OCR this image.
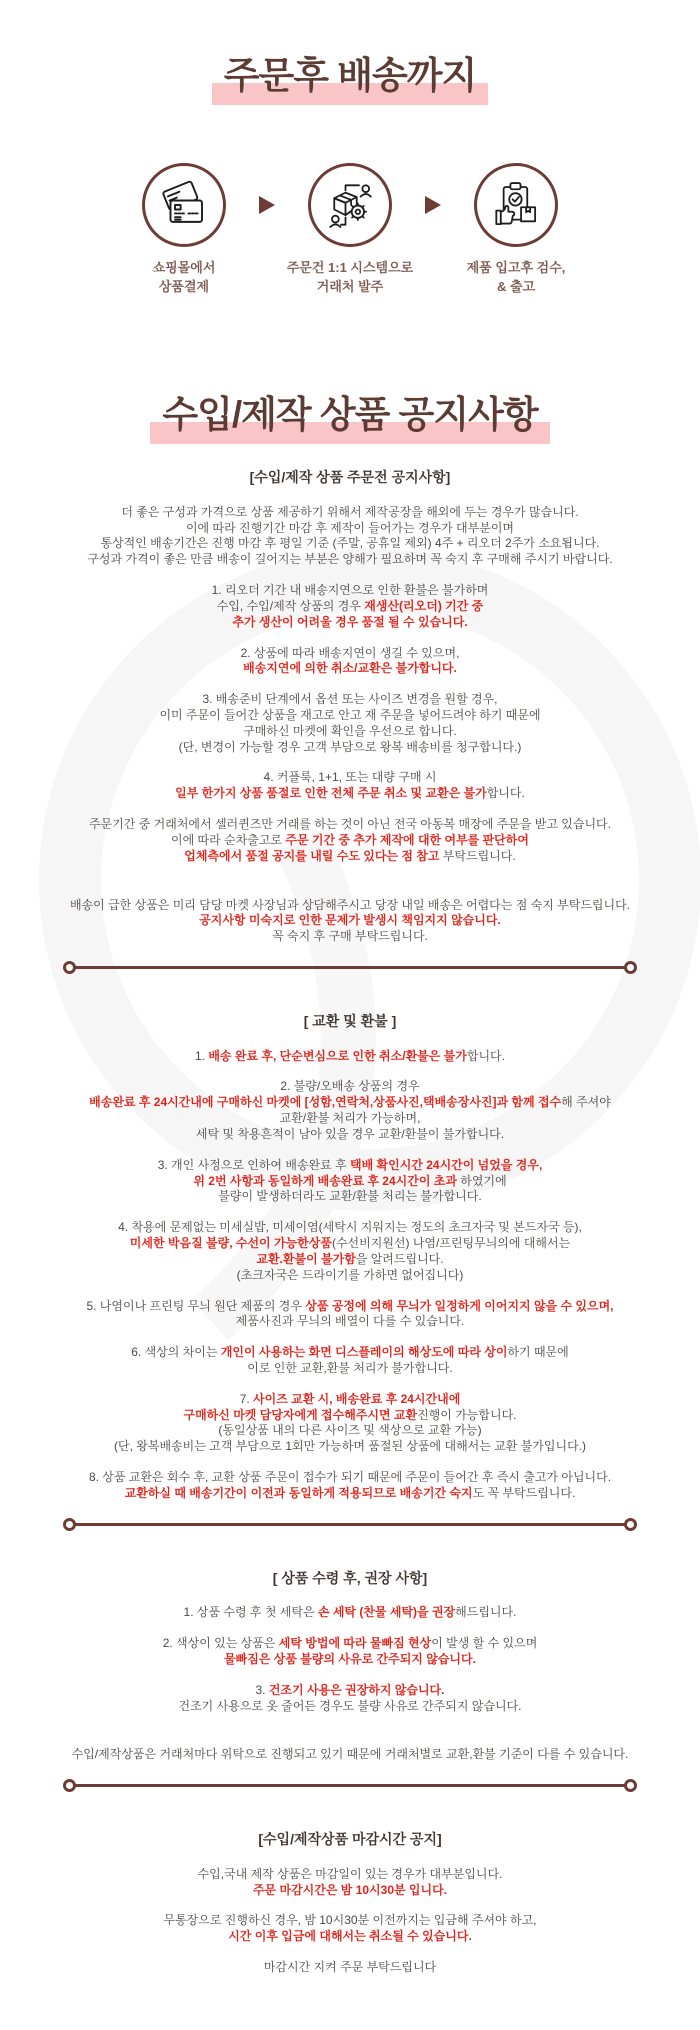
주문후 배송까지
쇼핑몰에서
상품결제
주문건 1:1 시스템으로
거래처 발주
제품 입고후 검수,
& 출고
수입/제작 상품 공지사항

[수입/제작 상품 주문전 공지사항]

더 좋은 구성과 가격으로 상품 제공하기 위해서 제작공장을 해외에 두는 경우가 많습니다.
이에 따라 진행기간 마감 후 제작이 들어가는 경우가 대부분이며
통상적인 배송기간은 진행 마감 후 평일 기준 (주말, 공휴일 제외) 4주 + 리오더 2주가 소요됩니다.
구성과 가격이 좋은 만큼 배송이 길어지는 부분은 양해가 필요하며 꼭 숙지 후 구매해 주시기 바랍니다.

1. 리오더 기간 내 배송지연으로 인한 환불은 불가하며
수입, 수입/제작 상품의 경우 재생산(리오더) 기간 중
추가 생산이 어려울 경우 품절 될 수 있습니다.

2. 상품에 따라 배송지연이 생길 수 있으며,
배송지연에 의한 취소/교환은 불가합니다.

3. 배송준비 단계에서 옵션 또는 사이즈 변경을 원할 경우,
이미 주문이 들어간 상품을 재고로 안고 재 주문을 넣어드려야 하기 때문에
구매하신 마켓에 확인을 우선으로 합니다.
(단, 변경이 가능할 경우 고객 부담으로 왕복 배송비를 청구합니다.)

4. 커플룩, 1+1, 또는 대량 구매 시
일부 한가지 상품 품절로 인한 전체 주문 취소 및 교환은 불가합니다.

주문기간 중 거래처에서 셀러퀸즈만 거래를 하는 것이 아닌 전국 아동복 매장에 주문을 받고 있습니다.
이에 따라 순차출고로 주문 기간 중 추가 제작에 대한 여부를 판단하여
업체측에서 품절 공지를 내릴 수도 있다는 점 참고 부탁드립니다.

배송이 급한 상품은 미리 담당 마켓 사장님과 상담해주시고 당장 내일 배송은 어렵다는 점 숙지 부탁드립니다.
공지사항 미숙지로 인한 문제가 발생시 책임지지 않습니다.
꼭 숙지 후 구매 부탁드립니다.

[ 교환 및 환불 ]

1. 배송 완료 후, 단순변심으로 인한 취소/환불은 불가합니다.

2. 불량/오배송 상품의 경우
배송완료 후 24시간내에 구매하신 마켓에 [성함,연락처,상품사진,택배송장사진]과 함께 접수해 주셔야
교환/환불 처리가 가능하며,
세탁 및 착용흔적이 남아 있을 경우 교환/환불이 불가합니다.

3. 개인 사정으로 인하여 배송완료 후 택배 확인시간 24시간이 넘었을 경우,
위 2번 사항과 동일하게 배송완료 후 24시간이 초과 하였기에
불량이 발생하더라도 교환/환불 처리는 불가합니다.

4. 착용에 문제없는 미세실밥, 미세이염(세탁시 지워지는 정도의 초크자국 및 본드자국 등),
미세한 박음질 불량, 수선이 가능한상품(수선비지원선) 나염/프린팅무늬의에 대해서는
교환.환불이 불가함을 알려드립니다.
(초크자국은 드라이기를 가하면 없어집니다)

5. 나염이나 프린팅 무늬 원단 제품의 경우 상품 공정에 의해 무늬가 일정하게 이어지지 않을 수 있으며,
제품사진과 무늬의 배열이 다를 수 있습니다.

6. 색상의 차이는 개인이 사용하는 화면 디스플레이의 해상도에 따라 상이하기 때문에
이로 인한 교환,환불 처리가 불가합니다.

7. 사이즈 교환 시, 배송완료 후 24시간내에
구매하신 마켓 담당자에게 접수해주시면 교환진행이 가능합니다.
(동일상품 내의 다른 사이즈 및 색상으로 교환 가능)
(단, 왕복배송비는 고객 부담으로 1회만 가능하며 품절된 상품에 대해서는 교환 불가입니다.)

8. 상품 교환은 회수 후, 교환 상품 주문이 접수가 되기 때문에 주문이 들어간 후 즉시 출고가 아닙니다.
교환하실 때 배송기간이 이전과 동일하게 적용되므로 배송기간 숙지도 꼭 부탁드립니다.

[ 상품 수령 후, 권장 사항]

1. 상품 수령 후 첫 세탁은 손 세탁 (찬물 세탁)을 권장해드립니다.

2. 색상이 있는 상품은 세탁 방법에 따라 물빠짐 현상이 발생 할 수 있으며
물빠짐은 상품 불량의 사유로 간주되지 않습니다.

3. 건조기 사용은 권장하지 않습니다.
건조기 사용으로 옷 줄어든 경우도 불량 사유로 간주되지 않습니다.

수입/제작상품은 거래처마다 위탁으로 진행되고 있기 때문에 거래처별로 교환,환불 기준이 다를 수 있습니다.

[수입/제작상품 마감시간 공지]

수입,국내 제작 상품은 마감일이 있는 경우가 대부분입니다.
주문 마감시간은 밤 10시30분 입니다.

무통장으로 진행하신 경우, 밤 10시30분 이전까지는 입금해 주셔야 하고,
시간 이후 입금에 대해서는 취소될 수 있습니다.

마감시간 지켜 주문 부탁드립니다
